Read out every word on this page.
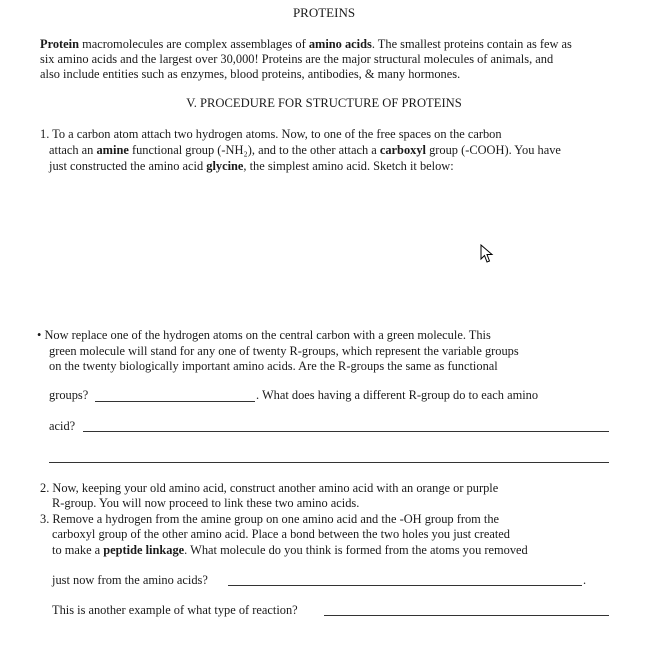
PROTEINS
Protein macromolecules are complex assemblages of amino acids. The smallest proteins contain as few as
six amino acids and the largest over 30,000! Proteins are the major structural molecules of animals, and
also include entities such as enzymes, blood proteins, antibodies, & many hormones.
V. PROCEDURE FOR STRUCTURE OF PROTEINS
1. To a carbon atom attach two hydrogen atoms. Now, to one of the free spaces on the carbon
attach an amine functional group (-NH₂), and to the other attach a carboxyl group (-COOH). You have
just constructed the amino acid glycine, the simplest amino acid. Sketch it below:
• Now replace one of the hydrogen atoms on the central carbon with a green molecule. This
green molecule will stand for any one of twenty R-groups, which represent the variable groups
on the twenty biologically important amino acids. Are the R-groups the same as functional
groups?	. What does having a different R-group do to each amino
acid?
2. Now, keeping your old amino acid, construct another amino acid with an orange or purple
R-group. You will now proceed to link these two amino acids.
3. Remove a hydrogen from the amine group on one amino acid and the -OH group from the
carboxyl group of the other amino acid. Place a bond between the two holes you just created
to make a peptide linkage. What molecule do you think is formed from the atoms you removed
just now from the amino acids?	.
This is another example of what type of reaction?
